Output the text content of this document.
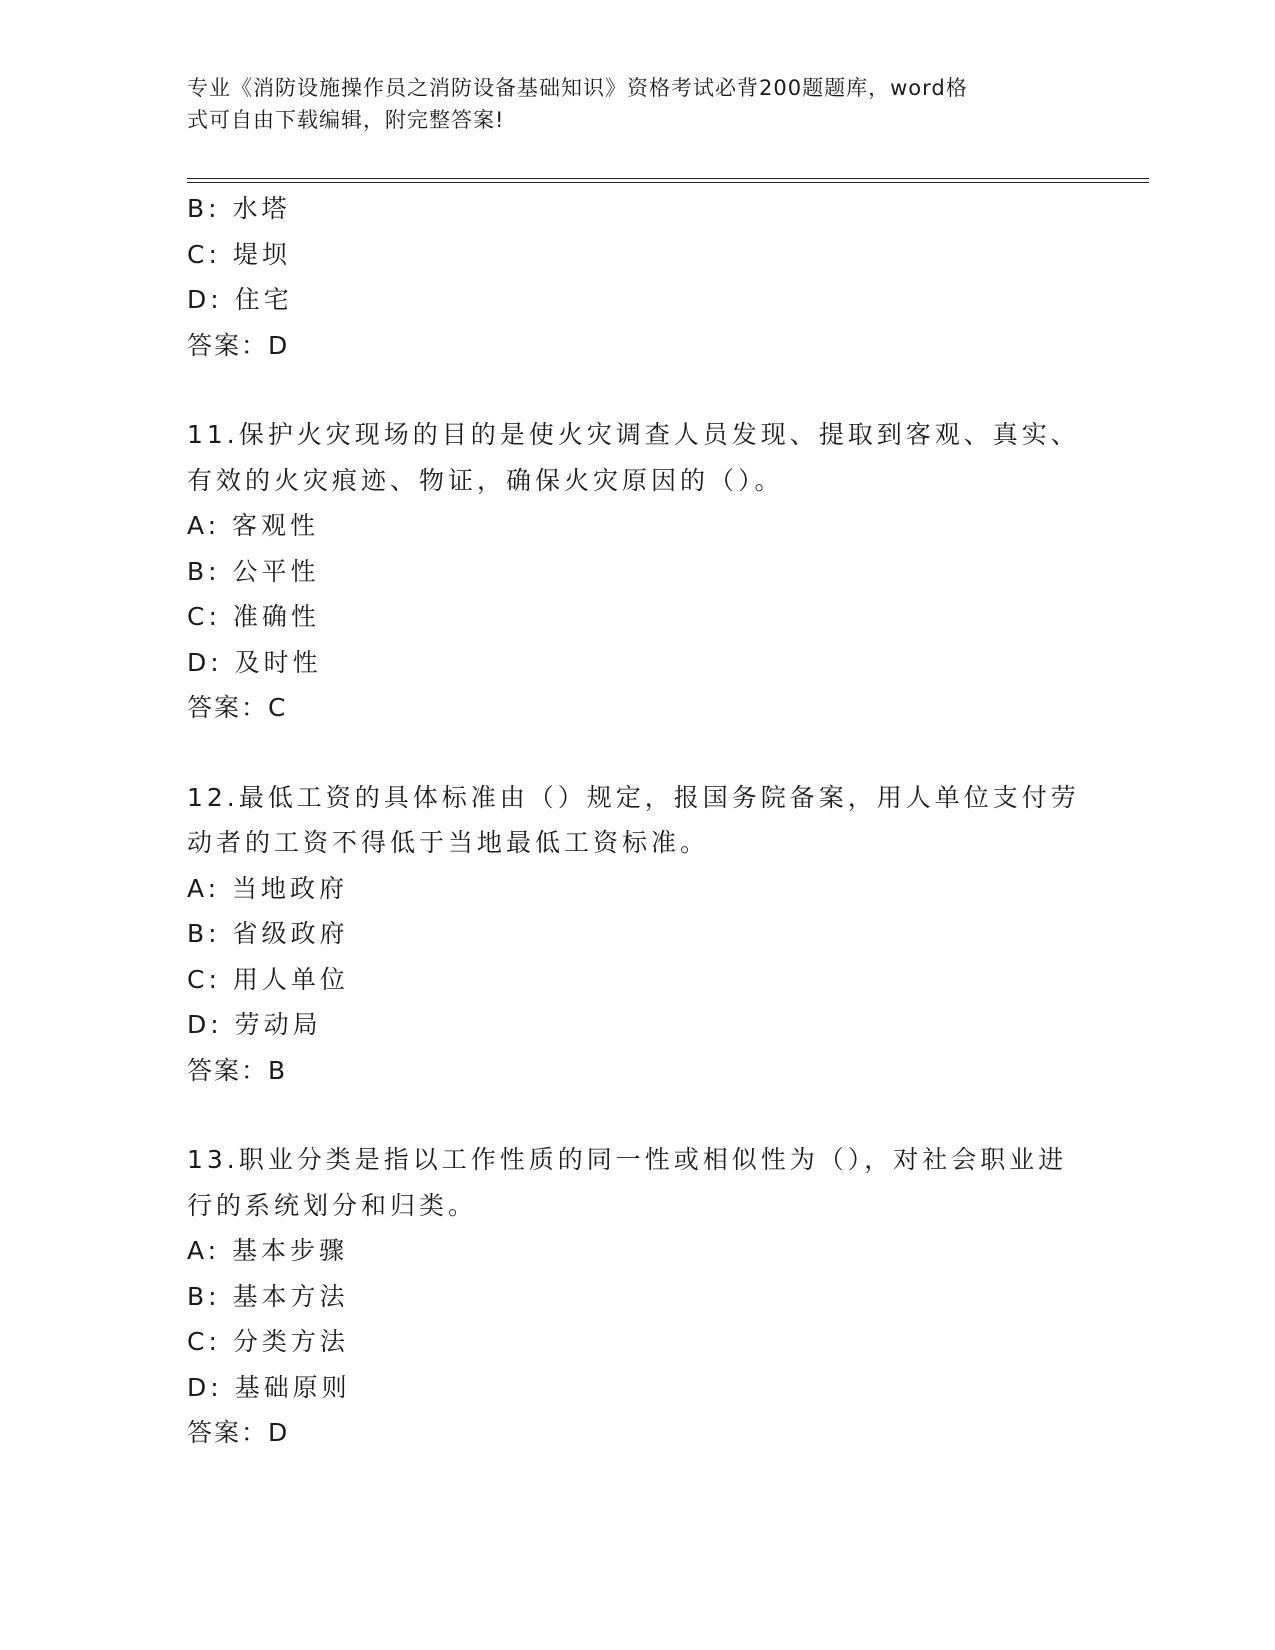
专业《消防设施操作员之消防设备基础知识》资格考试必背200题题库，word格
式可自由下载编辑，附完整答案!
B: 水塔
C: 堤坝
D: 住宅
答案：D
11.保护火灾现场的目的是使火灾调查人员发现、提取到客观、真实、
有效的火灾痕迹、物证，确保火灾原因的（）。
A: 客观性
B: 公平性
C: 准确性
D: 及时性
答案：C
12.最低工资的具体标准由（）规定，报国务院备案，用人单位支付劳
动者的工资不得低于当地最低工资标准。
A: 当地政府
B: 省级政府
C: 用人单位
D: 劳动局
答案：B
13.职业分类是指以工作性质的同一性或相似性为（），对社会职业进
行的系统划分和归类。
A: 基本步骤
B: 基本方法
C: 分类方法
D: 基础原则
答案：D
